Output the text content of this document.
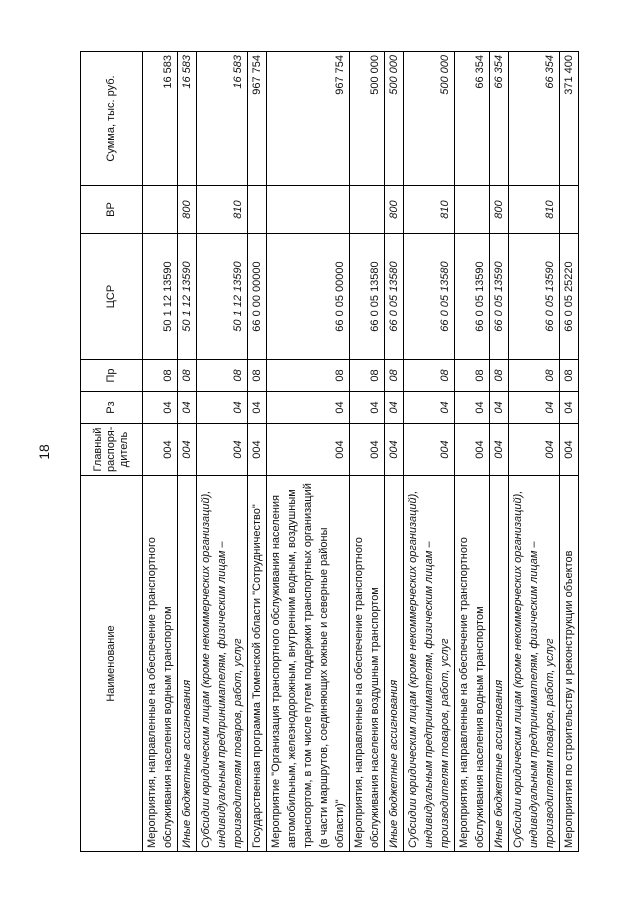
18
Наименование	Главный распоря-дитель	Рз	Пр	ЦСР	ВР	Сумма, тыс. руб.
Мероприятия, направленные на обеспечение транспортного обслуживания населения водным транспортом	004	04	08	50 1 12 13590		16 583
Иные бюджетные ассигнования	004	04	08	50 1 12 13590	800	16 583
Субсидии юридическим лицам (кроме некоммерческих организаций), индивидуальным предпринимателям, физическим лицам – производителям товаров, работ, услуг	004	04	08	50 1 12 13590	810	16 583
Государственная программа Тюменской области "Сотрудничество"	004	04	08	66 0 00 00000		967 754
Мероприятие "Организация транспортного обслуживания населения автомобильным, железнодорожным, внутренним водным, воздушным транспортом, в том числе путем поддержки транспортных организаций (в части маршрутов, соединяющих южные и северные районы области)"	004	04	08	66 0 05 00000		967 754
Мероприятия, направленные на обеспечение транспортного обслуживания населения воздушным транспортом	004	04	08	66 0 05 13580		500 000
Иные бюджетные ассигнования	004	04	08	66 0 05 13580	800	500 000
Субсидии юридическим лицам (кроме некоммерческих организаций), индивидуальным предпринимателям, физическим лицам – производителям товаров, работ, услуг	004	04	08	66 0 05 13580	810	500 000
Мероприятия, направленные на обеспечение транспортного обслуживания населения водным транспортом	004	04	08	66 0 05 13590		66 354
Иные бюджетные ассигнования	004	04	08	66 0 05 13590	800	66 354
Субсидии юридическим лицам (кроме некоммерческих организаций), индивидуальным предпринимателям, физическим лицам – производителям товаров, работ, услуг	004	04	08	66 0 05 13590	810	66 354
Мероприятия по строительству и реконструкции объектов	004	04	08	66 0 05 25220		371 400
